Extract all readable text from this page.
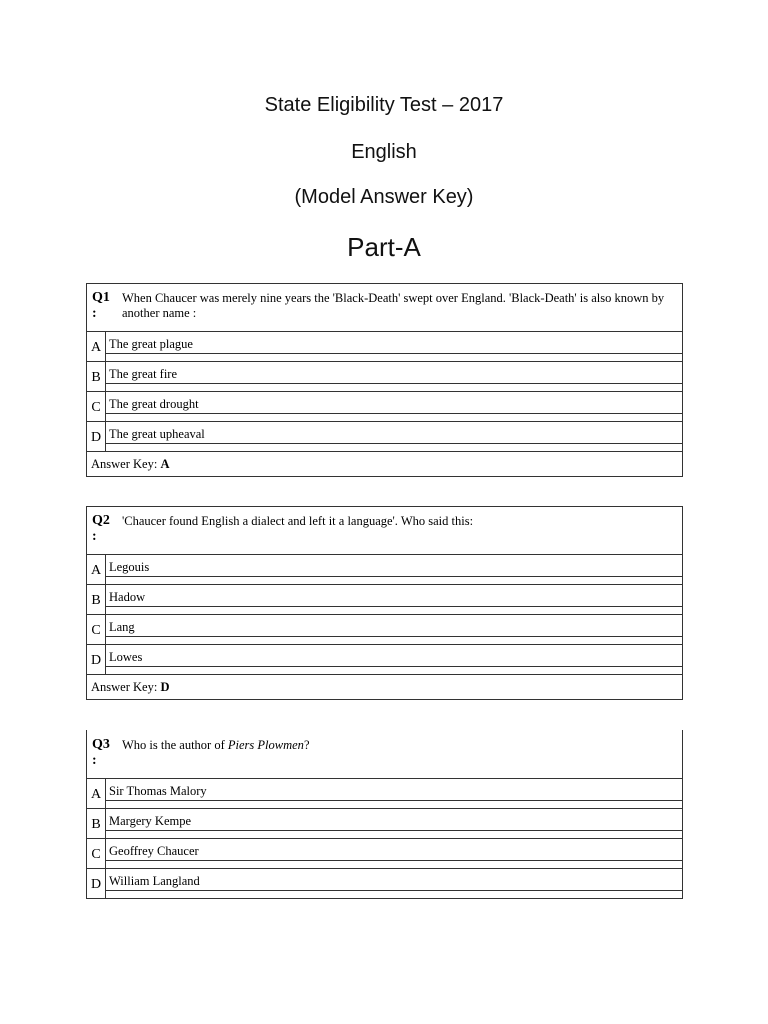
State Eligibility Test – 2017
English
(Model Answer Key)
Part-A
Q1
:
When Chaucer was merely nine years the 'Black-Death' swept over England. 'Black-Death' is also known by another name :	

A	The great plague

B	The great fire

C	The great drought

D	The great upheaval

Answer Key: A	
Q2
:
'Chaucer found English a dialect and left it a language'. Who said this:	

A	Legouis

B	Hadow

C	Lang

D	Lowes

Answer Key: D	
Q3
:
Who is the author of Piers Plowmen?	

A	Sir Thomas Malory

B	Margery Kempe

C	Geoffrey Chaucer

D	William Langland
